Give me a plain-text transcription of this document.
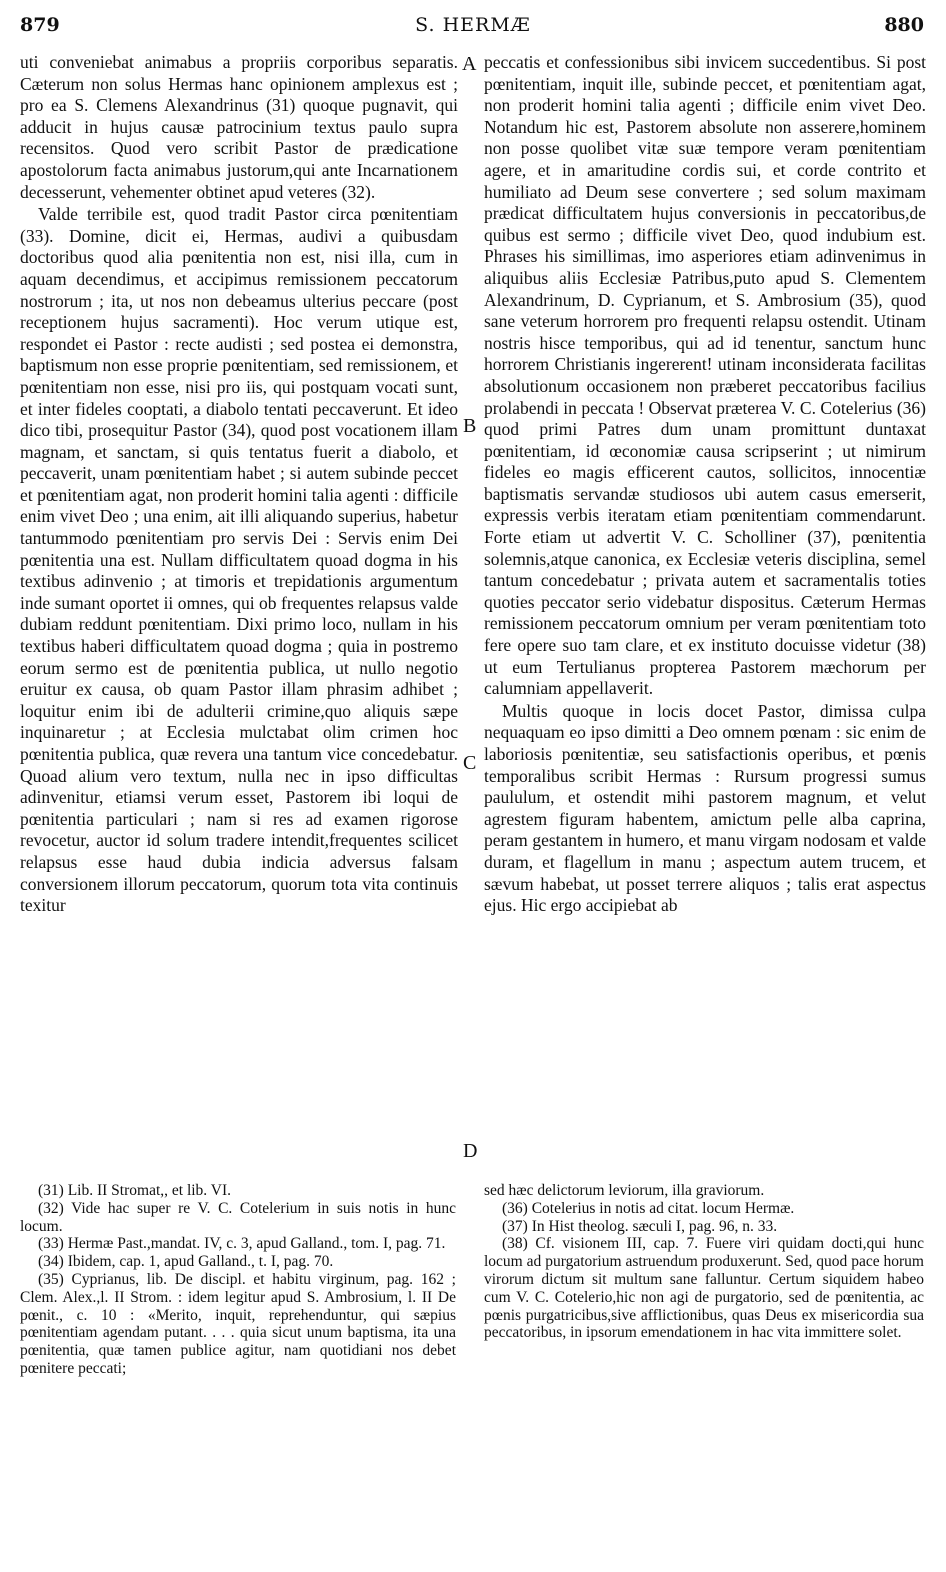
879	S. HERMÆ	880

uti conveniebat animabus a propriis corporibus separatis. Cæterum non solus Hermas hanc opinionem amplexus est ; pro ea S. Clemens Alexandrinus (31) quoque pugnavit, qui adducit in hujus causæ patrocinium textus paulo supra recensitos. Quod vero scribit Pastor de prædicatione apostolorum facta animabus justorum,qui ante Incarnationem decesserunt, vehementer obtinet apud veteres (32).

Valde terribile est, quod tradit Pastor circa pœnitentiam (33). Domine, dicit ei, Hermas, audivi a quibusdam doctoribus quod alia pœnitentia non est, nisi illa, cum in aquam decendimus, et accipimus remissionem peccatorum nostrorum ; ita, ut nos non debeamus ulterius peccare (post receptionem hujus sacramenti). Hoc verum utique est, respondet ei Pastor : recte audisti ; sed postea ei demonstra, baptismum non esse proprie pœnitentiam, sed remissionem, et pœnitentiam non esse, nisi pro iis, qui postquam vocati sunt, et inter fideles cooptati, a diabolo tentati peccaverunt. Et ideo dico tibi, prosequitur Pastor (34), quod post vocationem illam magnam, et sanctam, si quis tentatus fuerit a diabolo, et peccaverit, unam pœnitentiam habet ; si autem subinde peccet et pœnitentiam agat, non proderit homini talia agenti : difficile enim vivet Deo ; una enim, ait illi aliquando superius, habetur tantummodo pœnitentiam pro servis Dei : Servis enim Dei pœnitentia una est. Nullam difficultatem quoad dogma in his textibus adinvenio ; at timoris et trepidationis argumentum inde sumant oportet ii omnes, qui ob frequentes relapsus valde dubiam reddunt pœnitentiam. Dixi primo loco, nullam in his textibus haberi difficultatem quoad dogma ; quia in postremo eorum sermo est de pœnitentia publica, ut nullo negotio eruitur ex causa, ob quam Pastor illam phrasim adhibet ; loquitur enim ibi de adulterii crimine,quo aliquis sæpe inquinaretur ; at Ecclesia mulctabat olim crimen hoc pœnitentia publica, quæ revera una tantum vice concedebatur. Quoad alium vero textum, nulla nec in ipso difficultas adinvenitur, etiamsi verum esset, Pastorem ibi loqui de pœnitentia particulari ; nam si res ad examen rigorose revocetur, auctor id solum tradere intendit,frequentes scilicet relapsus esse haud dubia indicia adversus falsam conversionem illorum peccatorum, quorum tota vita continuis texitur

A
B
C
D

peccatis et confessionibus sibi invicem succedentibus. Si post pœnitentiam, inquit ille, subinde peccet, et pœnitentiam agat, non proderit homini talia agenti ; difficile enim vivet Deo. Notandum hic est, Pastorem absolute non asserere,hominem non posse quolibet vitæ suæ tempore veram pœnitentiam agere, et in amaritudine cordis sui, et corde contrito et humiliato ad Deum sese convertere ; sed solum maximam prædicat difficultatem hujus conversionis in peccatoribus,de quibus est sermo ; difficile vivet Deo, quod indubium est. Phrases his simillimas, imo asperiores etiam adinvenimus in aliquibus aliis Ecclesiæ Patribus,puto apud S. Clementem Alexandrinum, D. Cyprianum, et S. Ambrosium (35), quod sane veterum horrorem pro frequenti relapsu ostendit. Utinam nostris hisce temporibus, qui ad id tenentur, sanctum hunc horrorem Christianis ingererent! utinam inconsiderata facilitas absolutionum occasionem non præberet peccatoribus facilius prolabendi in peccata ! Observat præterea V. C. Cotelerius (36) quod primi Patres dum unam promittunt duntaxat pœnitentiam, id œconomiæ causa scripserint ; ut nimirum fideles eo magis efficerent cautos, sollicitos, innocentiæ baptismatis servandæ studiosos ubi autem casus emerserit, expressis verbis iteratam etiam pœnitentiam commendarunt. Forte etiam ut advertit V. C. Scholliner (37), pœnitentia solemnis,atque canonica, ex Ecclesiæ veteris disciplina, semel tantum concedebatur ; privata autem et sacramentalis toties quoties peccator serio videbatur dispositus. Cæterum Hermas remissionem peccatorum omnium per veram pœnitentiam toto fere opere suo tam clare, et ex instituto docuisse videtur (38) ut eum Tertulianus propterea Pastorem mæchorum per calumniam appellaverit.

Multis quoque in locis docet Pastor, dimissa culpa nequaquam eo ipso dimitti a Deo omnem pœnam : sic enim de laboriosis pœnitentiæ, seu satisfactionis operibus, et pœnis temporalibus scribit Hermas : Rursum progressi sumus paululum, et ostendit mihi pastorem magnum, et velut agrestem figuram habentem, amictum pelle alba caprina, peram gestantem in humero, et manu virgam nodosam et valde duram, et flagellum in manu ; aspectum autem trucem, et sævum habebat, ut posset terrere aliquos ; talis erat aspectus ejus. Hic ergo accipiebat ab

(31) Lib. II Stromat,, et lib. VI.

(32) Vide hac super re V. C. Cotelerium in suis notis in hunc locum.

(33) Hermæ Past.,mandat. IV, c. 3, apud Galland., tom. I, pag. 71.

(34) Ibidem, cap. 1, apud Galland., t. I, pag. 70.

(35) Cyprianus, lib. De discipl. et habitu virginum, pag. 162 ; Clem. Alex.,l. II Strom. : idem legitur apud S. Ambrosium, l. II De pœnit., c. 10 : «Merito, inquit, reprehenduntur, qui sæpius pœnitentiam agendam putant. . . . quia sicut unum baptisma, ita una pœnitentia, quæ tamen publice agitur, nam quotidiani nos debet pœnitere peccati;

sed hæc delictorum leviorum, illa graviorum.

(36) Cotelerius in notis ad citat. locum Hermæ.

(37) In Hist theolog. sæculi I, pag. 96, n. 33.

(38) Cf. visionem III, cap. 7. Fuere viri quidam docti,qui hunc locum ad purgatorium astruendum produxerunt. Sed, quod pace horum virorum dictum sit multum sane falluntur. Certum siquidem habeo cum V. C. Cotelerio,hic non agi de purgatorio, sed de pœnitentia, ac pœnis purgatricibus,sive afflictionibus, quas Deus ex misericordia sua peccatoribus, in ipsorum emendationem in hac vita immittere solet.
